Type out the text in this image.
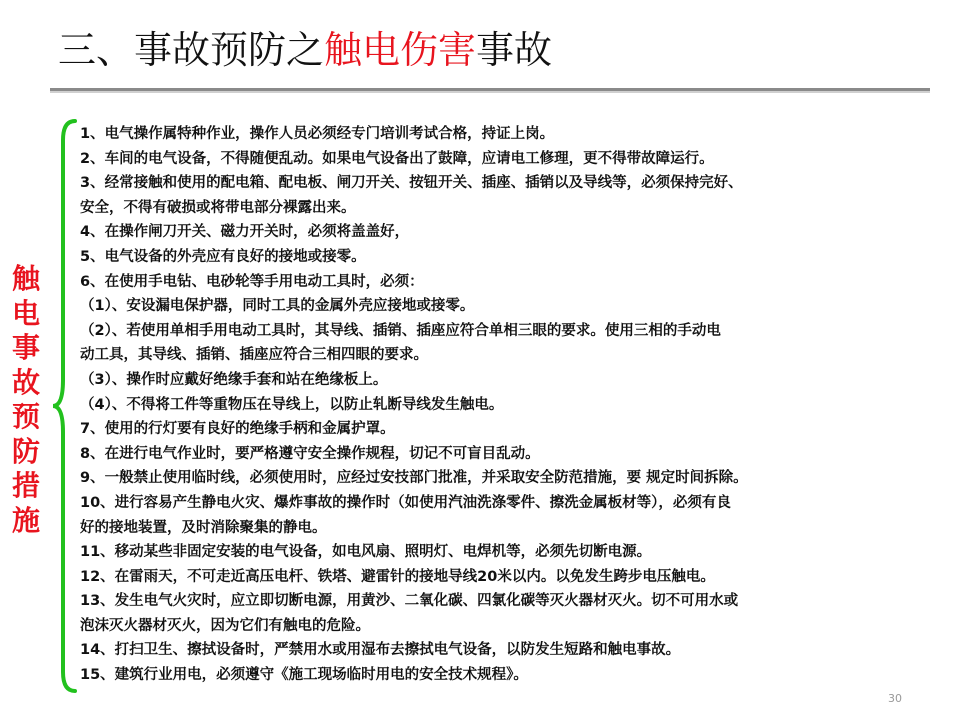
三、事故预防之触电伤害事故
触
电
事
故
预
防
措
施
1、电气操作属特种作业，操作人员必须经专门培训考试合格，持证上岗。
2、车间的电气设备，不得随便乱动。如果电气设备出了鼓障，应请电工修理，更不得带故障运行。
3、经常接触和使用的配电箱、配电板、闸刀开关、按钮开关、插座、插销以及导线等，必须保持完好、
安全，不得有破损或将带电部分裸露出来。
4、在操作闸刀开关、磁力开关时，必须将盖盖好，
5、电气设备的外壳应有良好的接地或接零。
6、在使用手电钻、电砂轮等手用电动工具时，必须：
（1）、安设漏电保护器，同时工具的金属外壳应接地或接零。
（2）、若使用单相手用电动工具时，其导线、插销、插座应符合单相三眼的要求。使用三相的手动电
动工具，其导线、插销、插座应符合三相四眼的要求。
（3）、操作时应戴好绝缘手套和站在绝缘板上。
（4）、不得将工件等重物压在导线上，以防止轧断导线发生触电。
7、使用的行灯要有良好的绝缘手柄和金属护罩。
8、在进行电气作业时，要严格遵守安全操作规程，切记不可盲目乱动。
9、一般禁止使用临时线，必须使用时，应经过安技部门批准，并采取安全防范措施，要 规定时间拆除。
10、进行容易产生静电火灾、爆炸事故的操作时（如使用汽油洗涤零件、擦洗金属板材等），必须有良
好的接地装置，及时消除聚集的静电。
11、移动某些非固定安装的电气设备，如电风扇、照明灯、电焊机等，必须先切断电源。
12、在雷雨天，不可走近高压电杆、铁塔、避雷针的接地导线20米以内。以免发生跨步电压触电。
13、发生电气火灾时，应立即切断电源，用黄沙、二氧化碳、四氯化碳等灭火器材灭火。切不可用水或
泡沫灭火器材灭火，因为它们有触电的危险。
14、打扫卫生、擦拭设备时，严禁用水或用湿布去擦拭电气设备，以防发生短路和触电事故。
15、建筑行业用电，必须遵守《施工现场临时用电的安全技术规程》。
30
